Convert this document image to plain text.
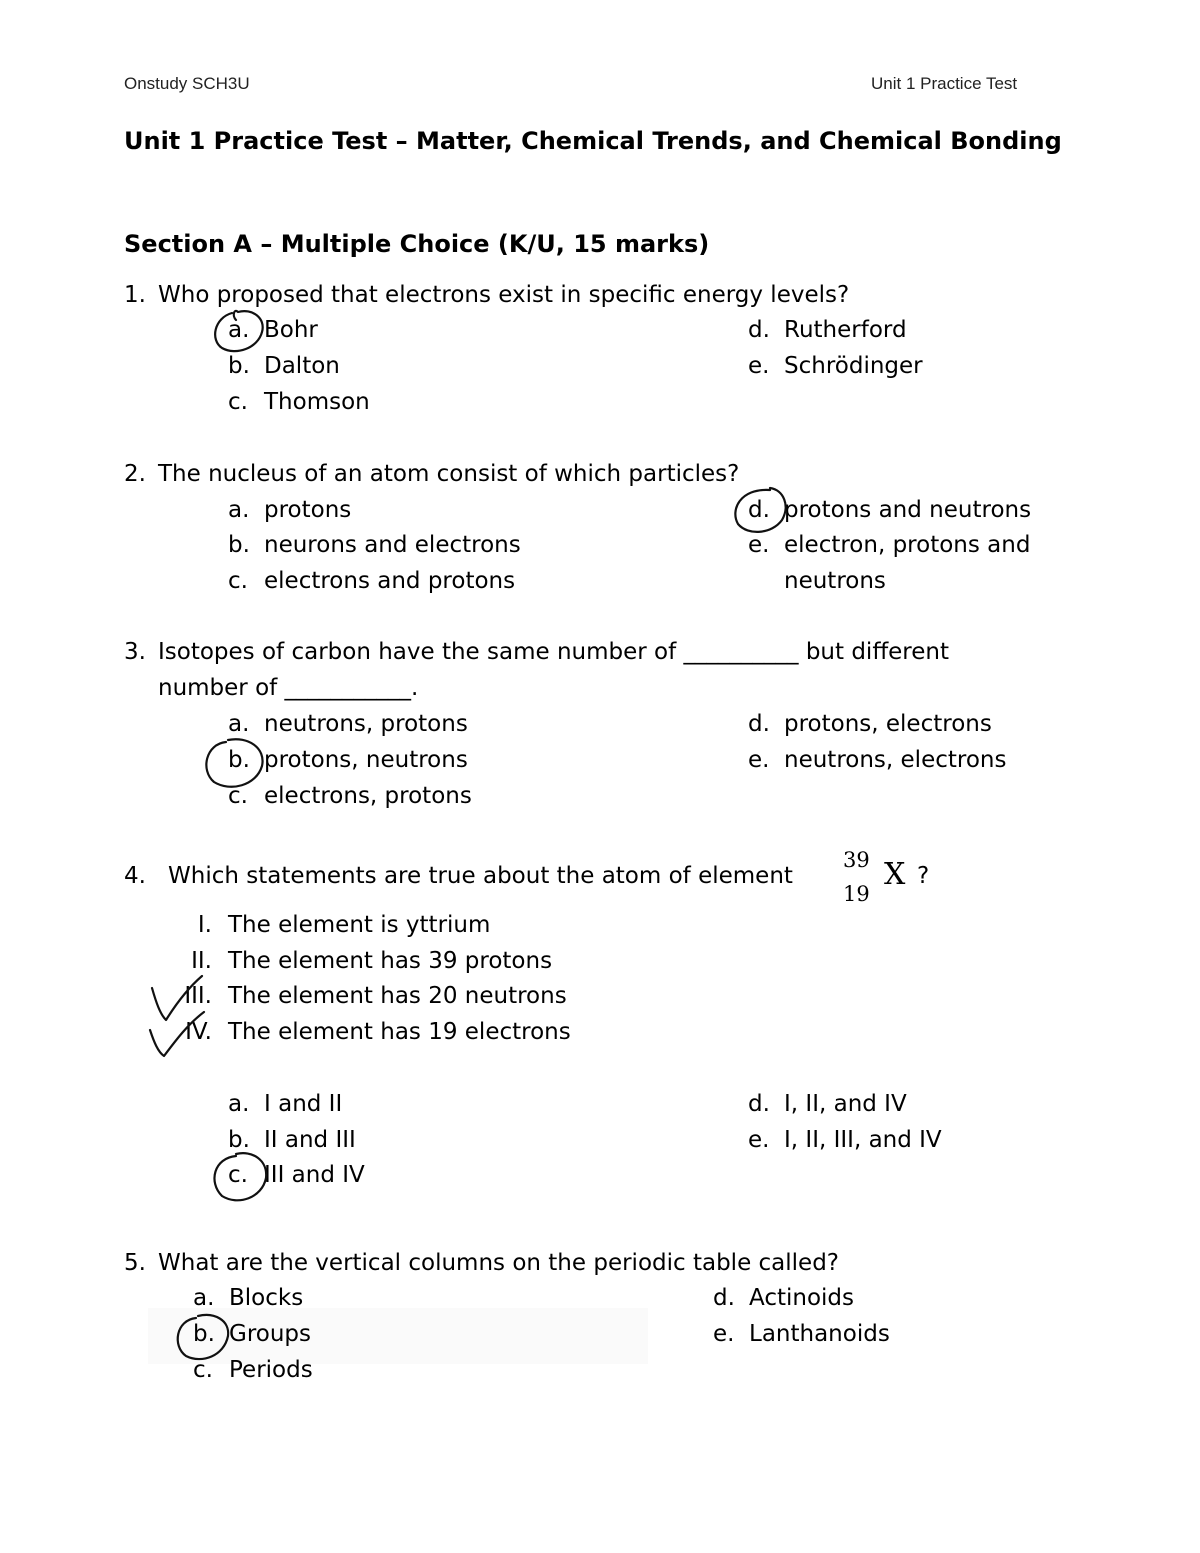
Onstudy SCH3U	Unit 1 Practice Test
Unit 1 Practice Test – Matter, Chemical Trends, and Chemical Bonding
Section A – Multiple Choice (K/U, 15 marks)
1. Who proposed that electrons exist in specific energy levels?
a. Bohr
b. Dalton
c. Thomson
d. Rutherford
e. Schrödinger
2. The nucleus of an atom consist of which particles?
a. protons
b. neurons and electrons
c. electrons and protons
d. protons and neutrons
e. electron, protons and
neutrons
3. Isotopes of carbon have the same number of __________ but different
number of ___________.
a. neutrons, protons
b. protons, neutrons
c. electrons, protons
d. protons, electrons
e. neutrons, electrons
4. Which statements are true about the atom of element
39
19
X ?
I. The element is yttrium
II. The element has 39 protons
III. The element has 20 neutrons
IV. The element has 19 electrons
a. I and II
b. II and III
c. III and IV
d. I, II, and IV
e. I, II, III, and IV
5. What are the vertical columns on the periodic table called?
a. Blocks
b. Groups
c. Periods
d. Actinoids
e. Lanthanoids
